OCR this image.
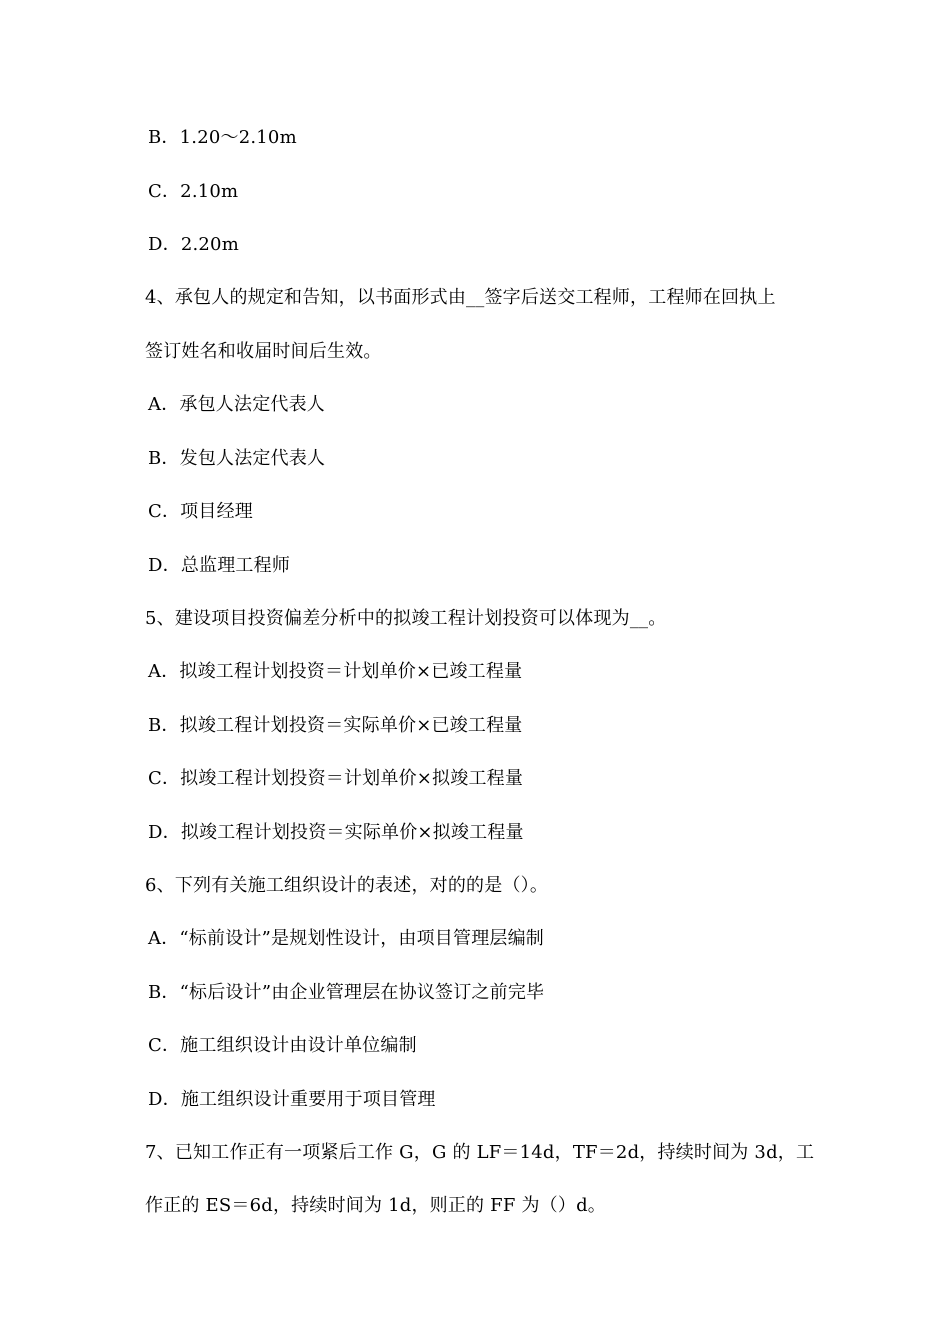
B．1.20～2.10m
C．2.10m
D．2.20m
4、承包人的规定和告知，以书面形式由__签字后送交工程师，工程师在回执上
签订姓名和收届时间后生效。
A．承包人法定代表人
B．发包人法定代表人
C．项目经理
D．总监理工程师
5、建设项目投资偏差分析中的拟竣工程计划投资可以体现为__。
A．拟竣工程计划投资＝计划单价×已竣工程量
B．拟竣工程计划投资＝实际单价×已竣工程量
C．拟竣工程计划投资＝计划单价×拟竣工程量
D．拟竣工程计划投资＝实际单价×拟竣工程量
6、下列有关施工组织设计的表述，对的的是（）。
A．“标前设计”是规划性设计，由项目管理层编制
B．“标后设计”由企业管理层在协议签订之前完毕
C．施工组织设计由设计单位编制
D．施工组织设计重要用于项目管理
7、已知工作正有一项紧后工作 G，G 的 LF＝14d，TF＝2d，持续时间为 3d，工
作正的 ES＝6d，持续时间为 1d，则正的 FF 为（）d。
